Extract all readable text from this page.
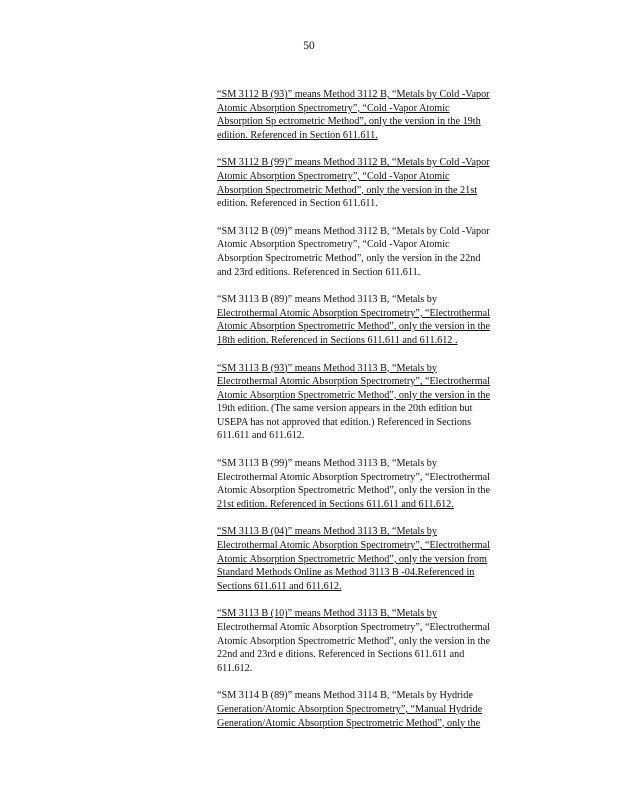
50
“SM 3112 B (93)” means Method 3112 B, “Metals by Cold -Vapor
Atomic Absorption Spectrometry”, “Cold -Vapor Atomic
Absorption Sp ectrometric Method”, only the version in the 19th
edition. Referenced in Section 611.611.
“SM 3112 B (99)” means Method 3112 B, “Metals by Cold -Vapor
Atomic Absorption Spectrometry”, “Cold -Vapor Atomic
Absorption Spectrometric Method”, only the version in the 21st
edition. Referenced in Section 611.611.
“SM 3112 B (09)” means Method 3112 B, “Metals by Cold -Vapor
Atomic Absorption Spectrometry”, “Cold -Vapor Atomic
Absorption Spectrometric Method”, only the version in the 22nd
and 23rd editions. Referenced in Section 611.611.
“SM 3113 B (89)” means Method 3113 B, “Metals by
Electrothermal Atomic Absorption Spectrometry”, “Electrothermal
Atomic Absorption Spectrometric Method”, only the version in the
18th edition. Referenced in Sections 611.611 and 611.612 .
“SM 3113 B (93)” means Method 3113 B, “Metals by
Electrothermal Atomic Absorption Spectrometry”, “Electrothermal
Atomic Absorption Spectrometric Method”, only the version in the
19th edition. (The same version appears in the 20th edition but
USEPA has not approved that edition.) Referenced in Sections
611.611 and 611.612.
“SM 3113 B (99)” means Method 3113 B, “Metals by
Electrothermal Atomic Absorption Spectrometry”, “Electrothermal
Atomic Absorption Spectrometric Method”, only the version in the
21st edition. Referenced in Sections 611.611 and 611.612.
“SM 3113 B (04)” means Method 3113 B, “Metals by
Electrothermal Atomic Absorption Spectrometry”, “Electrothermal
Atomic Absorption Spectrometric Method”, only the version from
Standard Methods Online as Method 3113 B -04.Referenced in
Sections 611.611 and 611.612.
“SM 3113 B (10)” means Method 3113 B, “Metals by
Electrothermal Atomic Absorption Spectrometry”, “Electrothermal
Atomic Absorption Spectrometric Method”, only the version in the
22nd and 23rd e ditions. Referenced in Sections 611.611 and
611.612.
“SM 3114 B (89)” means Method 3114 B, “Metals by Hydride
Generation/Atomic Absorption Spectrometry”, “Manual Hydride
Generation/Atomic Absorption Spectrometric Method”, only the
